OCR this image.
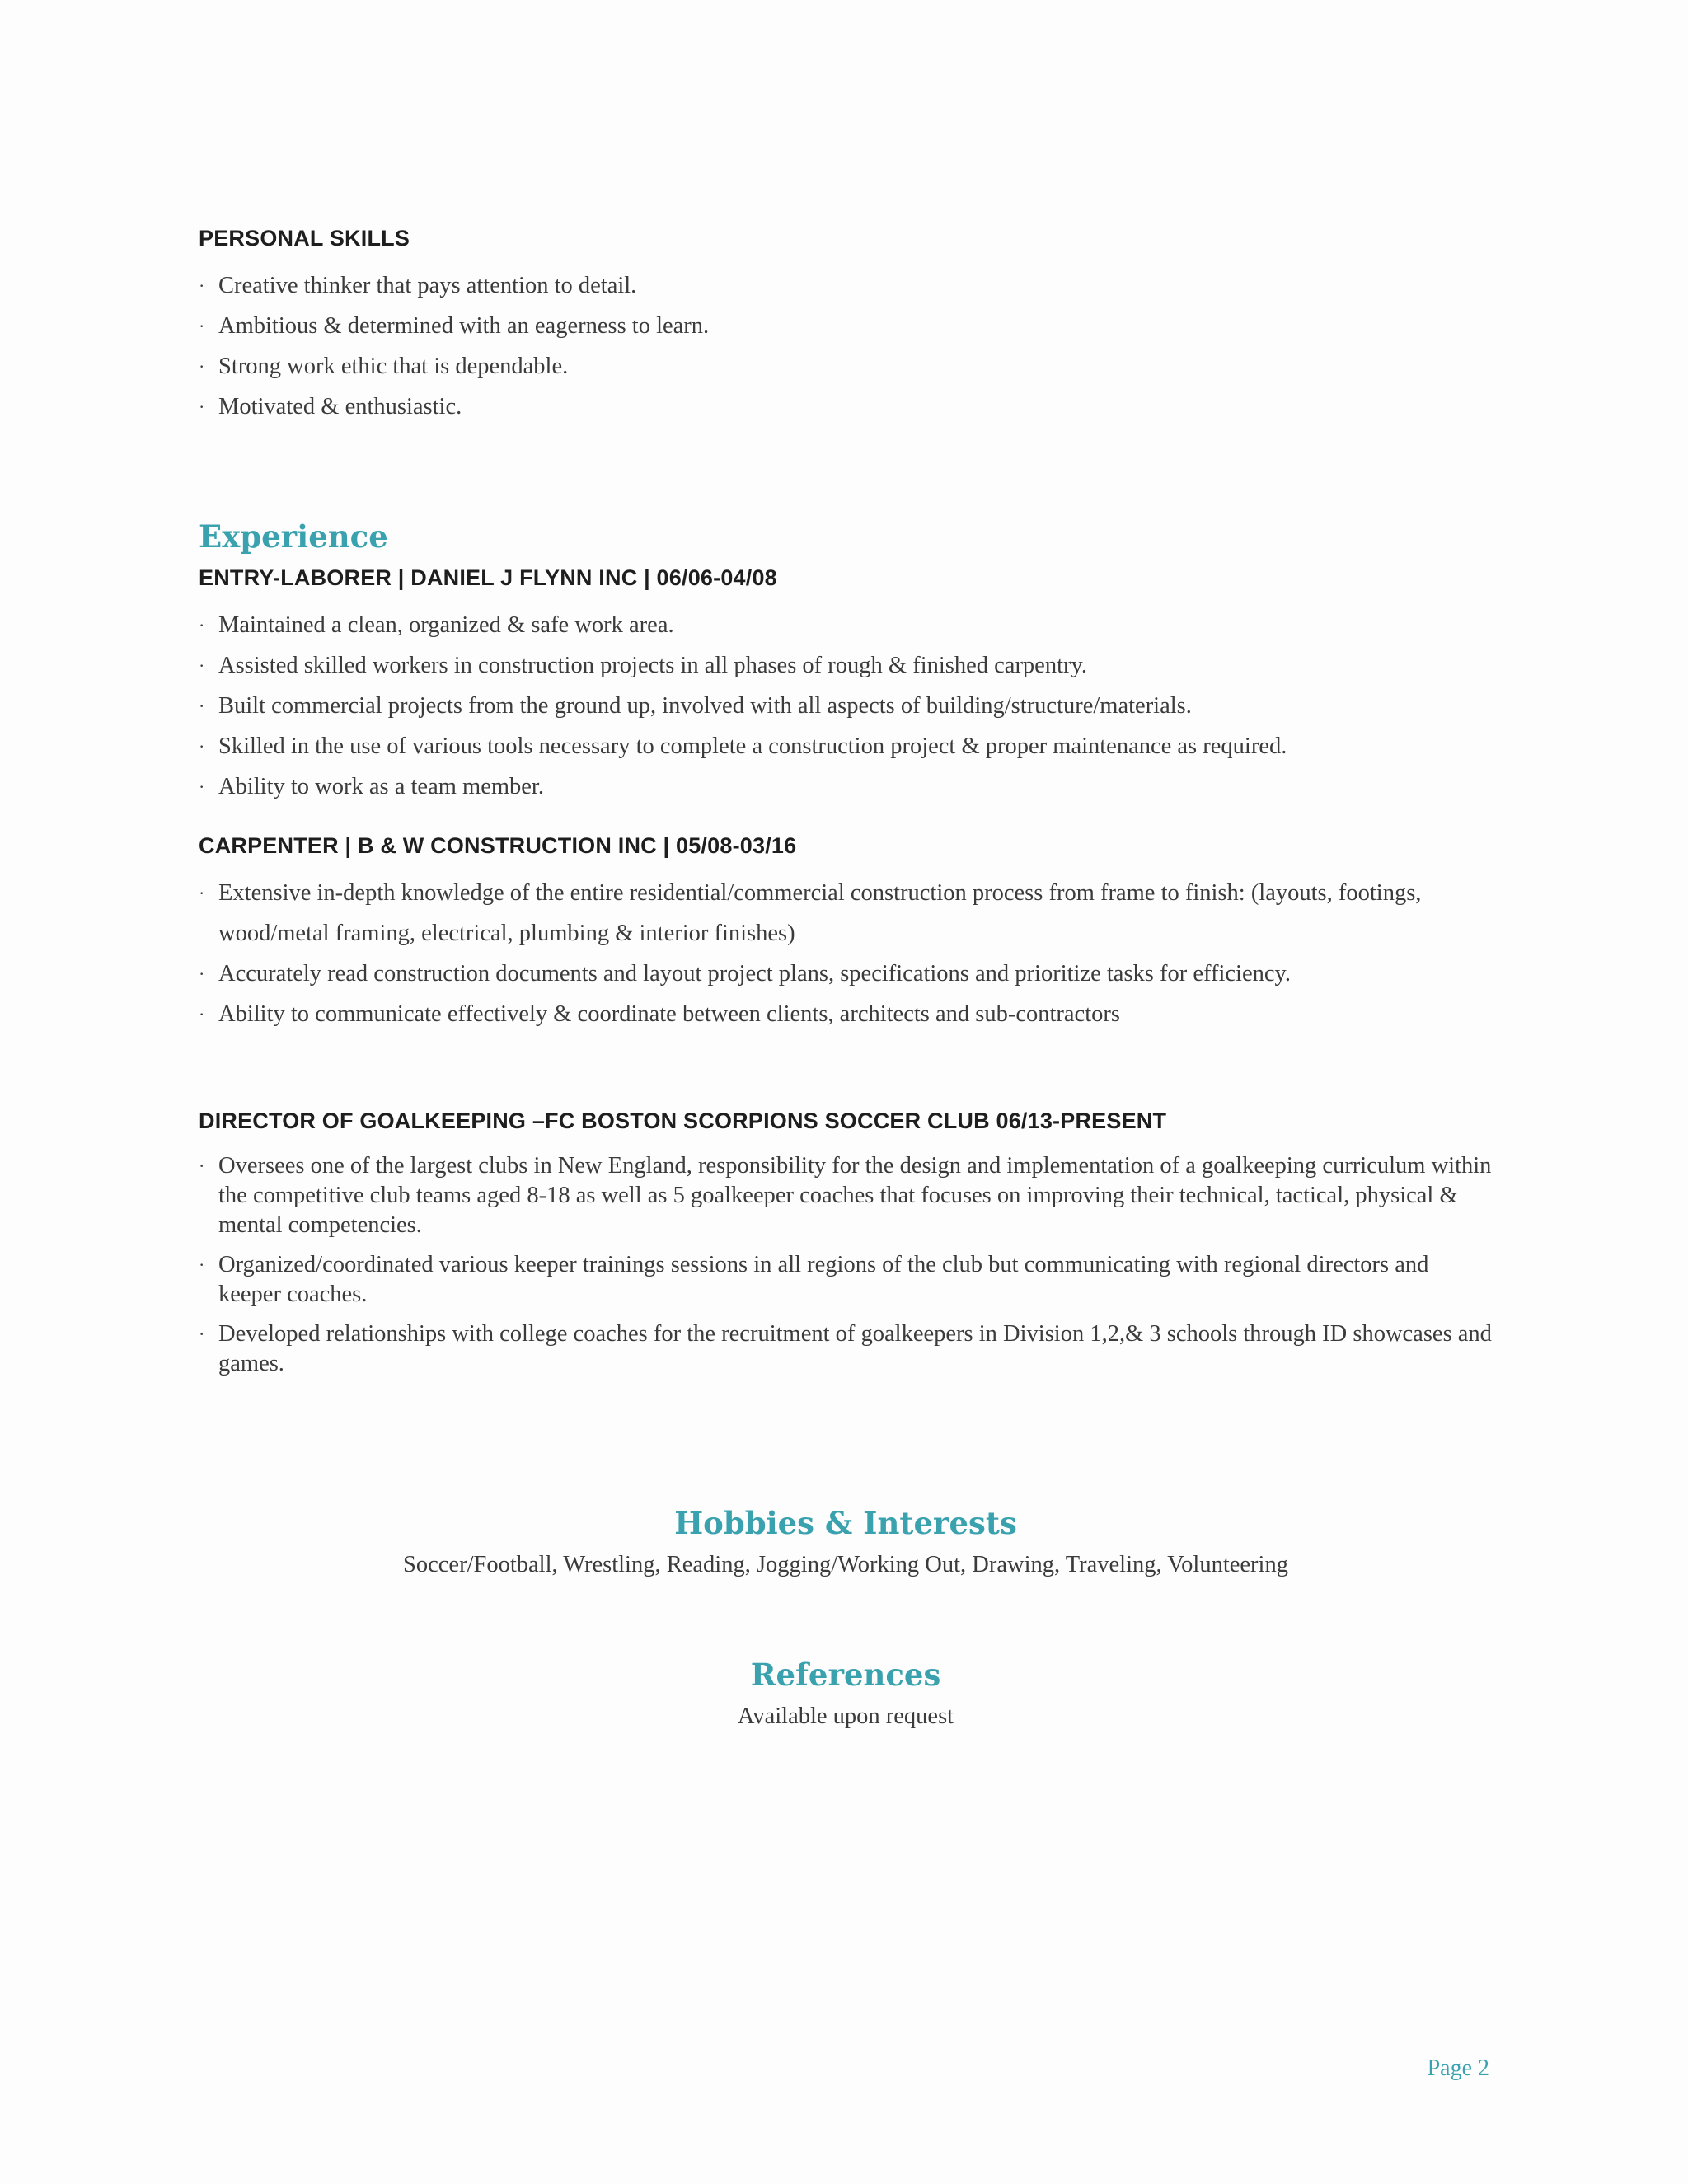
PERSONAL SKILLS
· Creative thinker that pays attention to detail.
· Ambitious & determined with an eagerness to learn.
· Strong work ethic that is dependable.
· Motivated & enthusiastic.
Experience
ENTRY-LABORER | DANIEL J FLYNN INC | 06/06-04/08
· Maintained a clean, organized & safe work area.
· Assisted skilled workers in construction projects in all phases of rough & finished carpentry.
· Built commercial projects from the ground up, involved with all aspects of building/structure/materials.
· Skilled in the use of various tools necessary to complete a construction project & proper maintenance as required.
· Ability to work as a team member.
CARPENTER | B & W CONSTRUCTION INC | 05/08-03/16
· Extensive in-depth knowledge of the entire residential/commercial construction process from frame to finish: (layouts, footings, wood/metal framing, electrical, plumbing & interior finishes)
· Accurately read construction documents and layout project plans, specifications and prioritize tasks for efficiency.
· Ability to communicate effectively & coordinate between clients, architects and sub-contractors
DIRECTOR OF GOALKEEPING –FC BOSTON SCORPIONS SOCCER CLUB 06/13-PRESENT
· Oversees one of the largest clubs in New England, responsibility for the design and implementation of a goalkeeping curriculum within the competitive club teams aged 8-18 as well as 5 goalkeeper coaches that focuses on improving their technical, tactical, physical & mental competencies.
· Organized/coordinated various keeper trainings sessions in all regions of the club but communicating with regional directors and keeper coaches.
· Developed relationships with college coaches for the recruitment of goalkeepers in Division 1,2,& 3 schools through ID showcases and games.
Hobbies & Interests

Soccer/Football, Wrestling, Reading, Jogging/Working Out, Drawing, Traveling, Volunteering

References

Available upon request

Page 2
